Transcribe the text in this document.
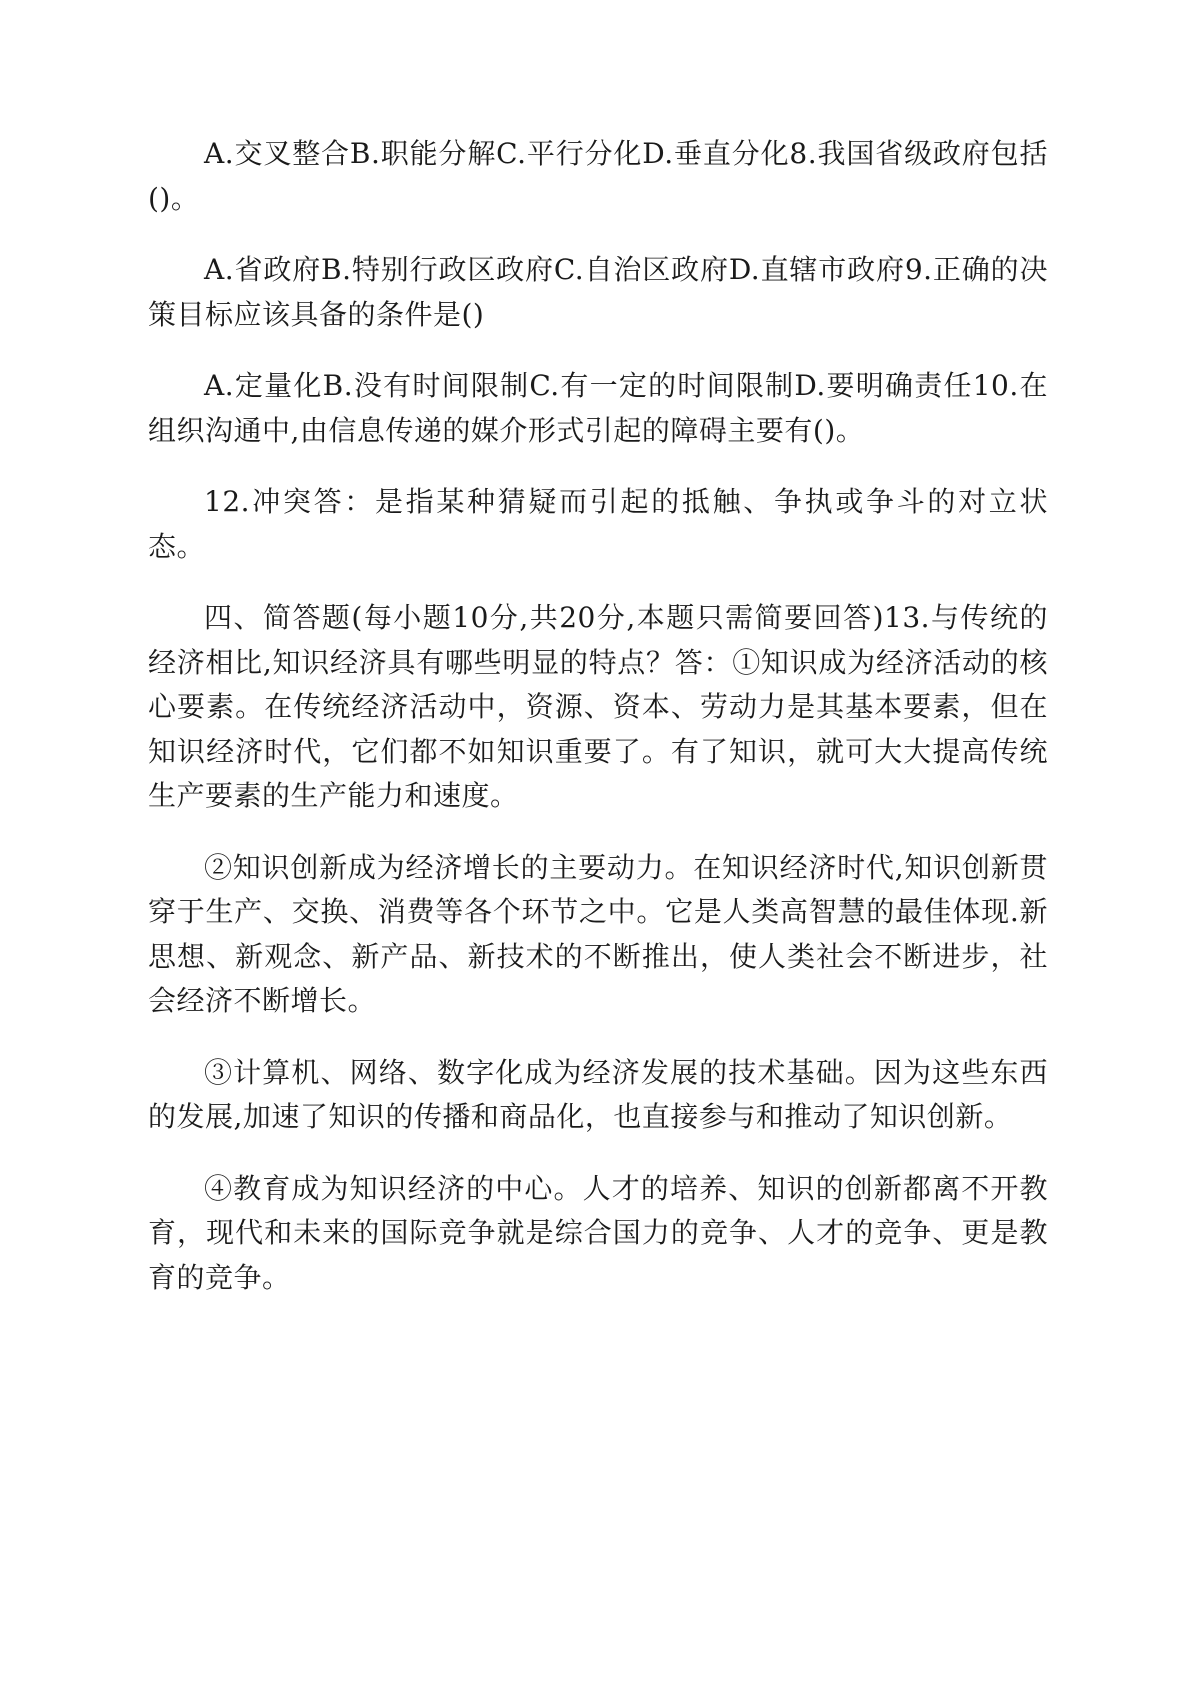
A.交叉整合B.职能分解C.平行分化D.垂直分化8.我国省级政府包括()。

A.省政府B.特别行政区政府C.自治区政府D.直辖市政府9.正确的决策目标应该具备的条件是()

A.定量化B.没有时间限制C.有一定的时间限制D.要明确责任10.在组织沟通中,由信息传递的媒介形式引起的障碍主要有()。

12.冲突答：是指某种猜疑而引起的抵触、争执或争斗的对立状态。

四、简答题(每小题10分,共20分,本题只需简要回答)13.与传统的经济相比,知识经济具有哪些明显的特点？答：①知识成为经济活动的核心要素。在传统经济活动中，资源、资本、劳动力是其基本要素，但在知识经济时代，它们都不如知识重要了。有了知识，就可大大提高传统生产要素的生产能力和速度。

②知识创新成为经济增长的主要动力。在知识经济时代,知识创新贯穿于生产、交换、消费等各个环节之中。它是人类高智慧的最佳体现.新思想、新观念、新产品、新技术的不断推出，使人类社会不断进步，社会经济不断增长。

③计算机、网络、数字化成为经济发展的技术基础。因为这些东西的发展,加速了知识的传播和商品化，也直接参与和推动了知识创新。

④教育成为知识经济的中心。人才的培养、知识的创新都离不开教育，现代和未来的国际竞争就是综合国力的竞争、人才的竞争、更是教育的竞争。
